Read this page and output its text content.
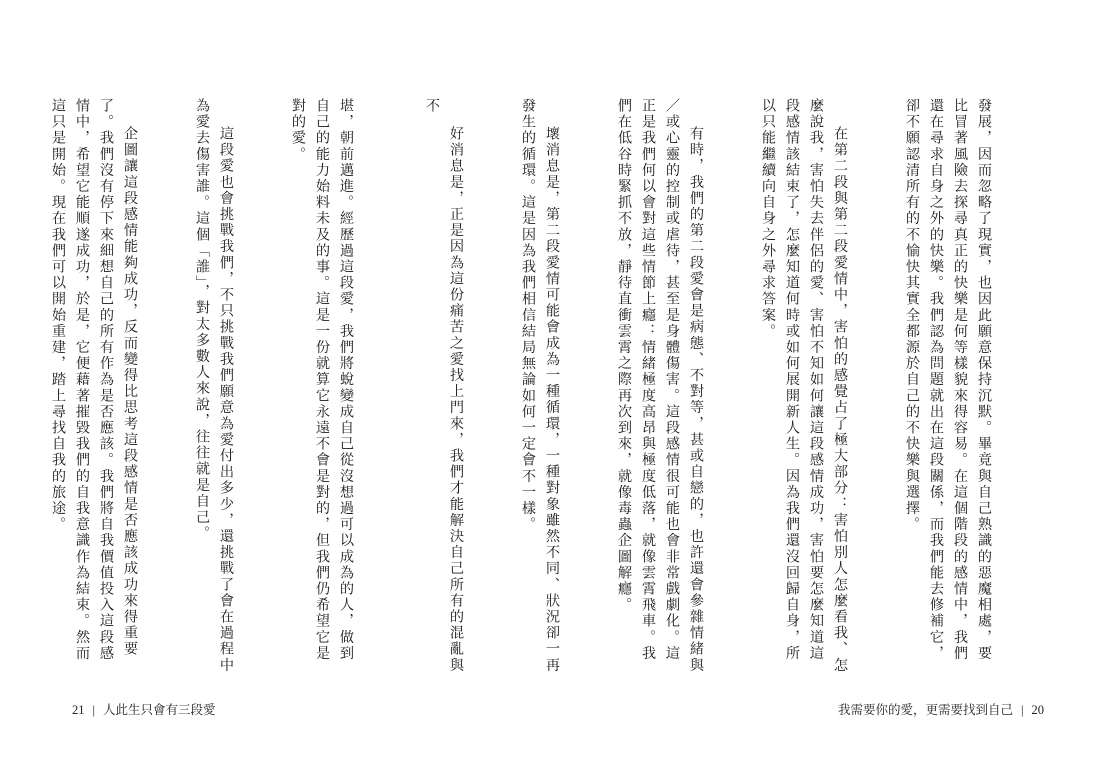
堪，朝前邁進。經歷過這段愛，我們將蛻變成自己從沒想過可以成為的人，做到自己的能力始料未及的事。這是一份就算它永遠不會是對的，但我們仍希望它是對的愛。

這段愛也會挑戰我們，不只挑戰我們願意為愛付出多少，還挑戰了會在過程中為愛去傷害誰。這個「誰」，對太多數人來說，往往就是自己。

企圖讓這段感情能夠成功，反而變得比思考這段感情是否應該成功來得重要了。我們沒有停下來細想自己的所有作為是否應該。我們將自我價值投入這段感情中，希望它能順遂成功，於是，它便藉著摧毀我們的自我意識作為結束。然而這只是開始。現在我們可以開始重建，踏上尋找自我的旅途。

21 | 人此生只會有三段愛

發展，因而忽略了現實，也因此願意保持沉默。畢竟與自己熟識的惡魔相處，要比冒著風險去探尋真正的快樂是何等樣貌來得容易。在這個階段的感情中，我們還在尋求自身之外的快樂。我們認為問題就出在這段關係，而我們能去修補它，卻不願認清所有的不愉快其實全都源於自己的不快樂與選擇。

在第二段與第二段愛情中，害怕的感覺占了極大部分：害怕別人怎麼看我、怎麼說我，害怕失去伴侶的愛、害怕不知如何讓這段感情成功，害怕要怎麼知道這段感情該結束了，怎麼知道何時或如何展開新人生。因為我們還沒回歸自身，所以只能繼續向自身之外尋求答案。

有時，我們的第二段愛會是病態、不對等，甚或自戀的，也許還會參雜情緒與／或心靈的控制或虐待，甚至是身體傷害。這段感情很可能也會非常戲劇化。這正是我們何以會對這些情節上癮：情緒極度高昂與極度低落，就像雲霄飛車。我們在低谷時緊抓不放，靜待直衝雲霄之際再次到來，就像毒蟲企圖解癮。

壞消息是，第二段愛情可能會成為一種循環，一種對象雖然不同、狀況卻一再發生的循環。這是因為我們相信結局無論如何一定會不一樣。

好消息是，正是因為這份痛苦之愛找上門來，我們才能解決自己所有的混亂與不

我需要你的愛，更需要找到自己 | 20
